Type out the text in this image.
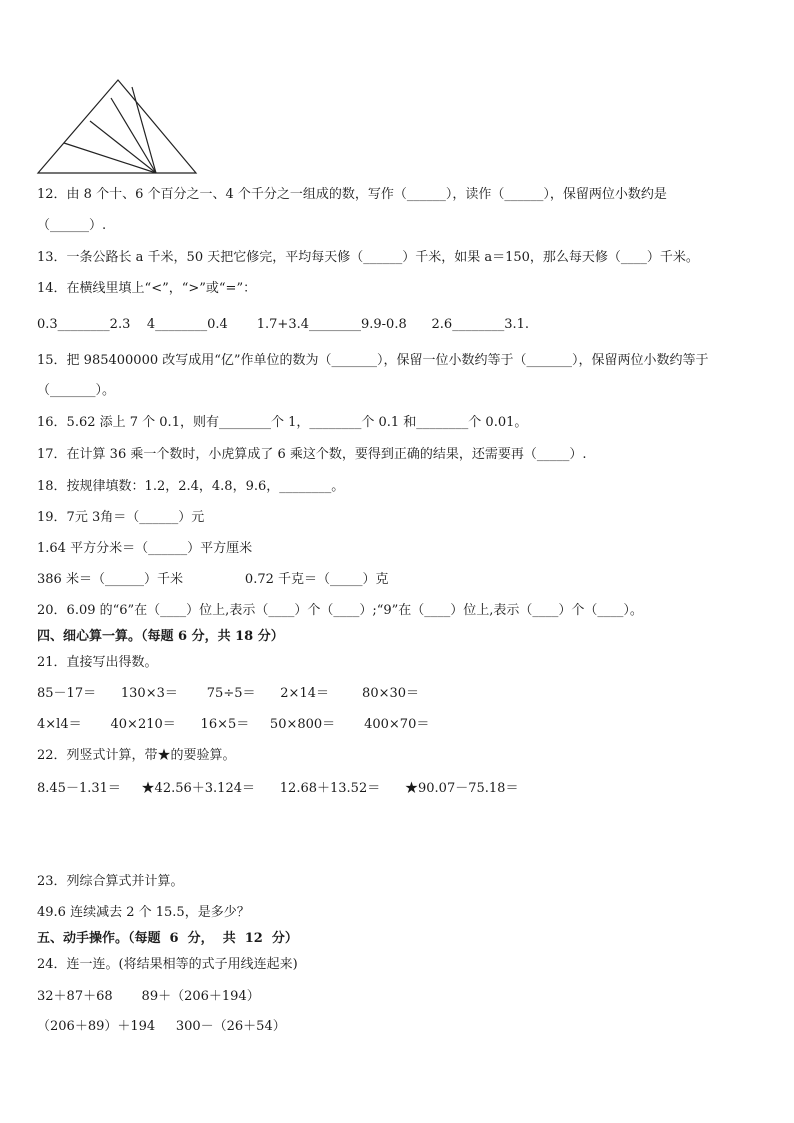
12．由 8 个十、6 个百分之一、4 个千分之一组成的数，写作（______），读作（______），保留两位小数约是
（______）.
13．一条公路长 a 千米，50 天把它修完，平均每天修（______）千米，如果 a＝150，那么每天修（____）千米。
14．在横线里填上“<”，“>”或“=”：
0.3________2.3    4________0.4       1.7+3.4________9.9-0.8      2.6________3.1.
15．把 985400000 改写成用“亿”作单位的数为（_______），保留一位小数约等于（_______），保留两位小数约等于
（_______）。
16．5.62 添上 7 个 0.1，则有________个 1，________个 0.1 和________个 0.01。
17．在计算 36 乘一个数时，小虎算成了 6 乘这个数，要得到正确的结果，还需要再（_____）.
18．按规律填数：1.2，2.4，4.8，9.6，________。
19．7元 3角＝（______）元
1.64 平方分米＝（______）平方厘米
386 米＝（______）千米               0.72 千克＝（_____）克
20．6.09 的“6”在（____）位上,表示（____）个（____）;“9”在（____）位上,表示（____）个（____）。
四、细心算一算。（每题 6 分，共 18 分）
21．直接写出得数。
85－17＝      130×3＝       75÷5＝      2×14＝        80×30＝
4×l4＝       40×210＝      16×5＝     50×800＝       400×70＝
22．列竖式计算，带★的要验算。
8.45－1.31＝     ★42.56＋3.124＝      12.68＋13.52＝      ★90.07－75.18＝
23．列综合算式并计算。
49.6 连续减去 2 个 15.5，是多少？
五、动手操作。（每题  6  分，  共  12  分）
24．连一连。(将结果相等的式子用线连起来)
32＋87＋68       89＋（206＋194）
（206＋89）＋194     300－（26＋54）
